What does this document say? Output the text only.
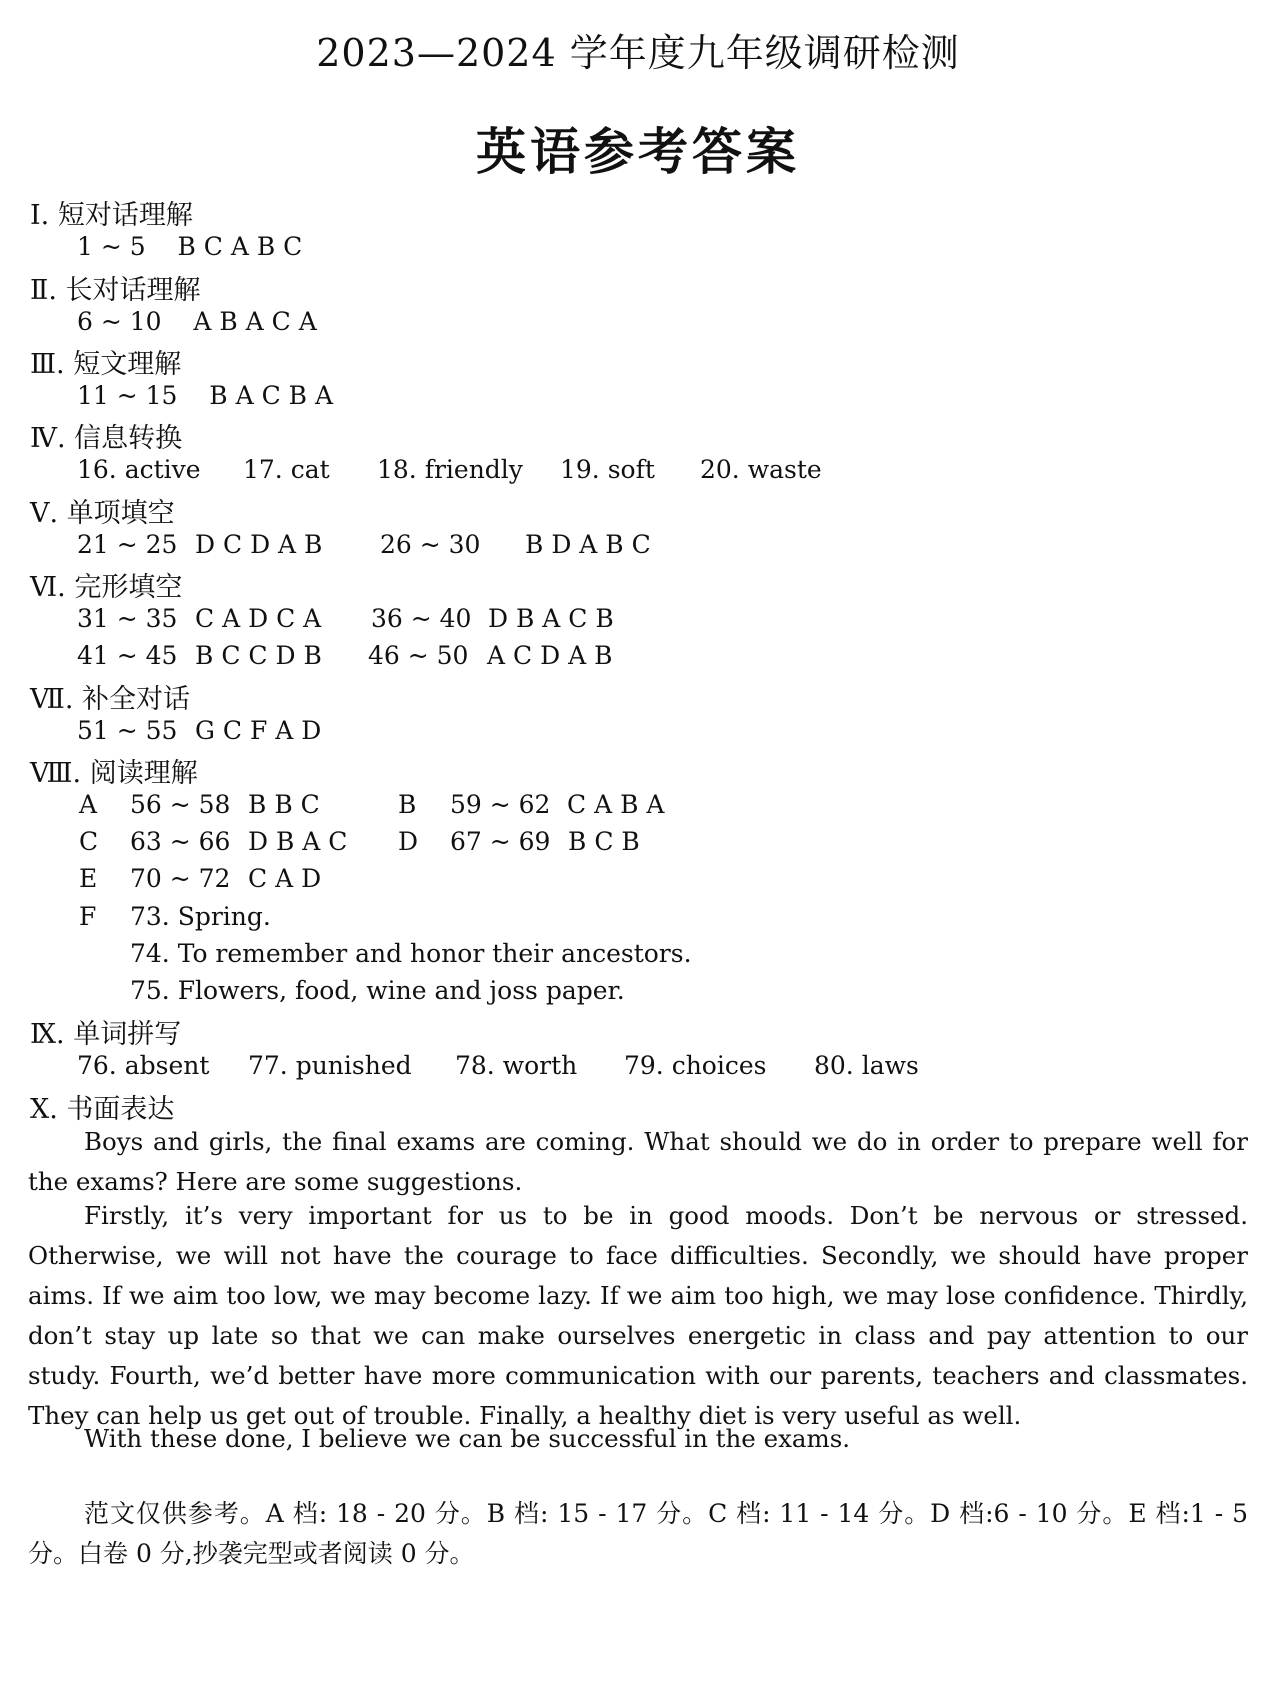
2023—2024 学年度九年级调研检测
英语参考答案
Ⅰ. 短对话理解
1 ~ 5    B C A B C
Ⅱ. 长对话理解
6 ~ 10    A B A C A
Ⅲ. 短文理解
11 ~ 15    B A C B A
Ⅳ. 信息转换
16. active 17. cat 18. friendly 19. soft 20. waste
Ⅴ. 单项填空
21 ~ 25 D C D A B 26 ~ 30 B D A B C
Ⅵ. 完形填空
31 ~ 35 C A D C A 36 ~ 40 D B A C B
41 ~ 45 B C C D B 46 ~ 50 A C D A B
Ⅶ. 补全对话
51 ~ 55 G C F A D
Ⅷ. 阅读理解
A 56 ~ 58 B B C	B 59 ~ 62 C A B A
C 63 ~ 66 D B A C D 67 ~ 69 B C B
E 70 ~ 72 C A D
F 73. Spring.
74. To remember and honor their ancestors.
75. Flowers, food, wine and joss paper.
Ⅸ. 单词拼写
76. absent 77. punished 78. worth 79. choices 80. laws
Ⅹ. 书面表达
Boys and girls, the final exams are coming. What should we do in order to prepare well for the exams? Here are some suggestions.
Firstly, it’s very important for us to be in good moods. Don’t be nervous or stressed. Otherwise, we will not have the courage to face difficulties. Secondly, we should have proper aims. If we aim too low, we may become lazy. If we aim too high, we may lose confidence. Thirdly, don’t stay up late so that we can make ourselves energetic in class and pay attention to our study. Fourth, we’d better have more communication with our parents, teachers and classmates. They can help us get out of trouble. Finally, a healthy diet is very useful as well.
With these done, I believe we can be successful in the exams.
范文仅供参考。A 档: 18 - 20 分。B 档: 15 - 17 分。C 档: 11 - 14 分。D 档:6 - 10 分。E 档:1 - 5 分。白卷 0 分,抄袭完型或者阅读 0 分。
